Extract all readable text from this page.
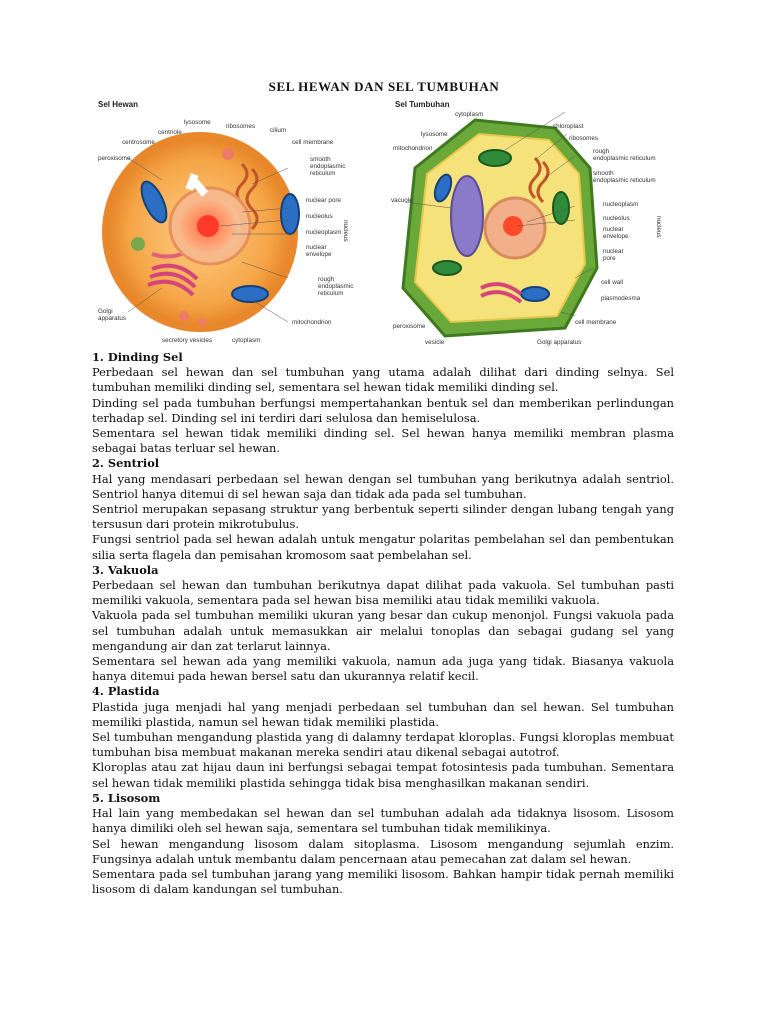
SEL HEWAN DAN SEL TUMBUHAN
Sel Hewan
lysosome
centriole
ribosomes
cilium
centrosome	cell membrane
peroxisome	smooth
endoplasmic
reticulum
nuclear pore
nucleolus
nucleoplasm
nuclear
envelope
nucleus
rough
endoplasmic
reticulum
Golgi
apparatus
mitochondrion
secretory vesicles	cytoplasm
Sel Tumbuhan
cytoplasm
chloroplast
lysosome
ribosomes
mitochondrion	rough
endoplasmic reticulum
smooth
endoplasmic reticulum
vacuole
nucleoplasm
nucleolus
nuclear
envelope
nuclear
pore
nucleus
cell wall
plasmodesma
peroxisome
cell membrane
vesicle	Golgi apparatus
1. Dinding Sel

Perbedaan sel hewan dan sel tumbuhan yang utama adalah dilihat dari dinding selnya. Sel tumbuhan memiliki dinding sel, sementara sel hewan tidak memiliki dinding sel.

Dinding sel pada tumbuhan berfungsi mempertahankan bentuk sel dan memberikan perlindungan terhadap sel. Dinding sel ini terdiri dari selulosa dan hemiselulosa.

Sementara sel hewan tidak memiliki dinding sel. Sel hewan hanya memiliki membran plasma sebagai batas terluar sel hewan.

2. Sentriol

Hal yang mendasari perbedaan sel hewan dengan sel tumbuhan yang berikutnya adalah sentriol. Sentriol hanya ditemui di sel hewan saja dan tidak ada pada sel tumbuhan.

Sentriol merupakan sepasang struktur yang berbentuk seperti silinder dengan lubang tengah yang tersusun dari protein mikrotubulus.

Fungsi sentriol pada sel hewan adalah untuk mengatur polaritas pembelahan sel dan pembentukan silia serta flagela dan pemisahan kromosom saat pembelahan sel.

3. Vakuola

Perbedaan sel hewan dan tumbuhan berikutnya dapat dilihat pada vakuola. Sel tumbuhan pasti memiliki vakuola, sementara pada sel hewan bisa memiliki atau tidak memiliki vakuola.

Vakuola pada sel tumbuhan memiliki ukuran yang besar dan cukup menonjol. Fungsi vakuola pada sel tumbuhan adalah untuk memasukkan air melalui tonoplas dan sebagai gudang sel yang mengandung air dan zat terlarut lainnya.

Sementara sel hewan ada yang memiliki vakuola, namun ada juga yang tidak. Biasanya vakuola hanya ditemui pada hewan bersel satu dan ukurannya relatif kecil.

4. Plastida

Plastida juga menjadi hal yang menjadi perbedaan sel tumbuhan dan sel hewan. Sel tumbuhan memiliki plastida, namun sel hewan tidak memiliki plastida.

Sel tumbuhan mengandung plastida yang di dalamny terdapat kloroplas. Fungsi kloroplas membuat tumbuhan bisa membuat makanan mereka sendiri atau dikenal sebagai autotrof.

Kloroplas atau zat hijau daun ini berfungsi sebagai tempat fotosintesis pada tumbuhan. Sementara sel hewan tidak memiliki plastida sehingga tidak bisa menghasilkan makanan sendiri.

5. Lisosom

Hal lain yang membedakan sel hewan dan sel tumbuhan adalah ada tidaknya lisosom. Lisosom hanya dimiliki oleh sel hewan saja, sementara sel tumbuhan tidak memilikinya.

Sel hewan mengandung lisosom dalam sitoplasma. Lisosom mengandung sejumlah enzim. Fungsinya adalah untuk membantu dalam pencernaan atau pemecahan zat dalam sel hewan.

Sementara pada sel tumbuhan jarang yang memiliki lisosom. Bahkan hampir tidak pernah memiliki lisosom di dalam kandungan sel tumbuhan.
